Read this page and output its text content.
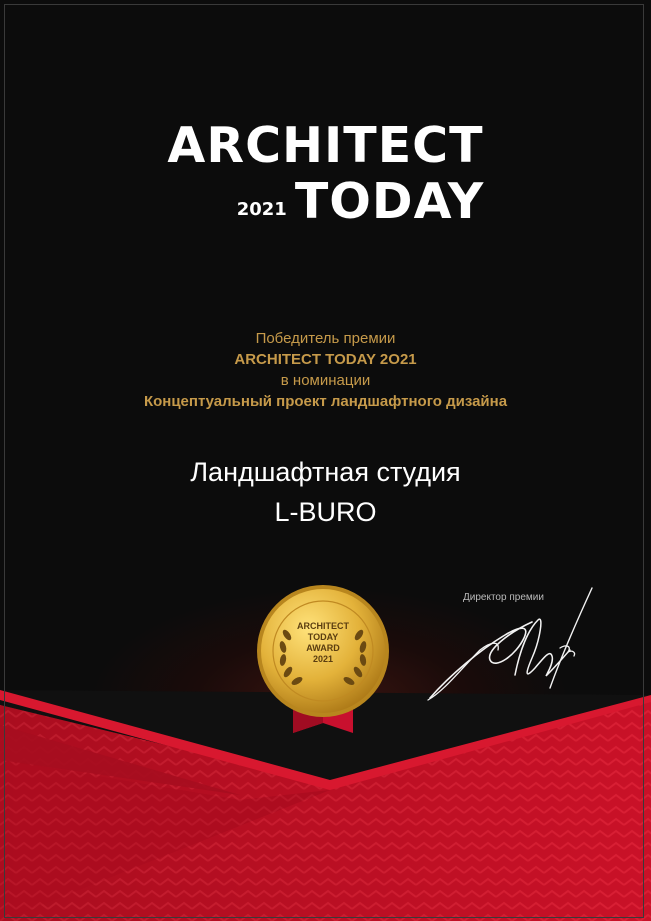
ARCHITECT
2021 TODAY
Победитель премии
ARCHITECT TODAY 2O21
в номинации
Концептуальный проект ландшафтного дизайна
Ландшафтная студия
L-BURO
ARCHITECT
TODAY
AWARD
2021
Директор премии
